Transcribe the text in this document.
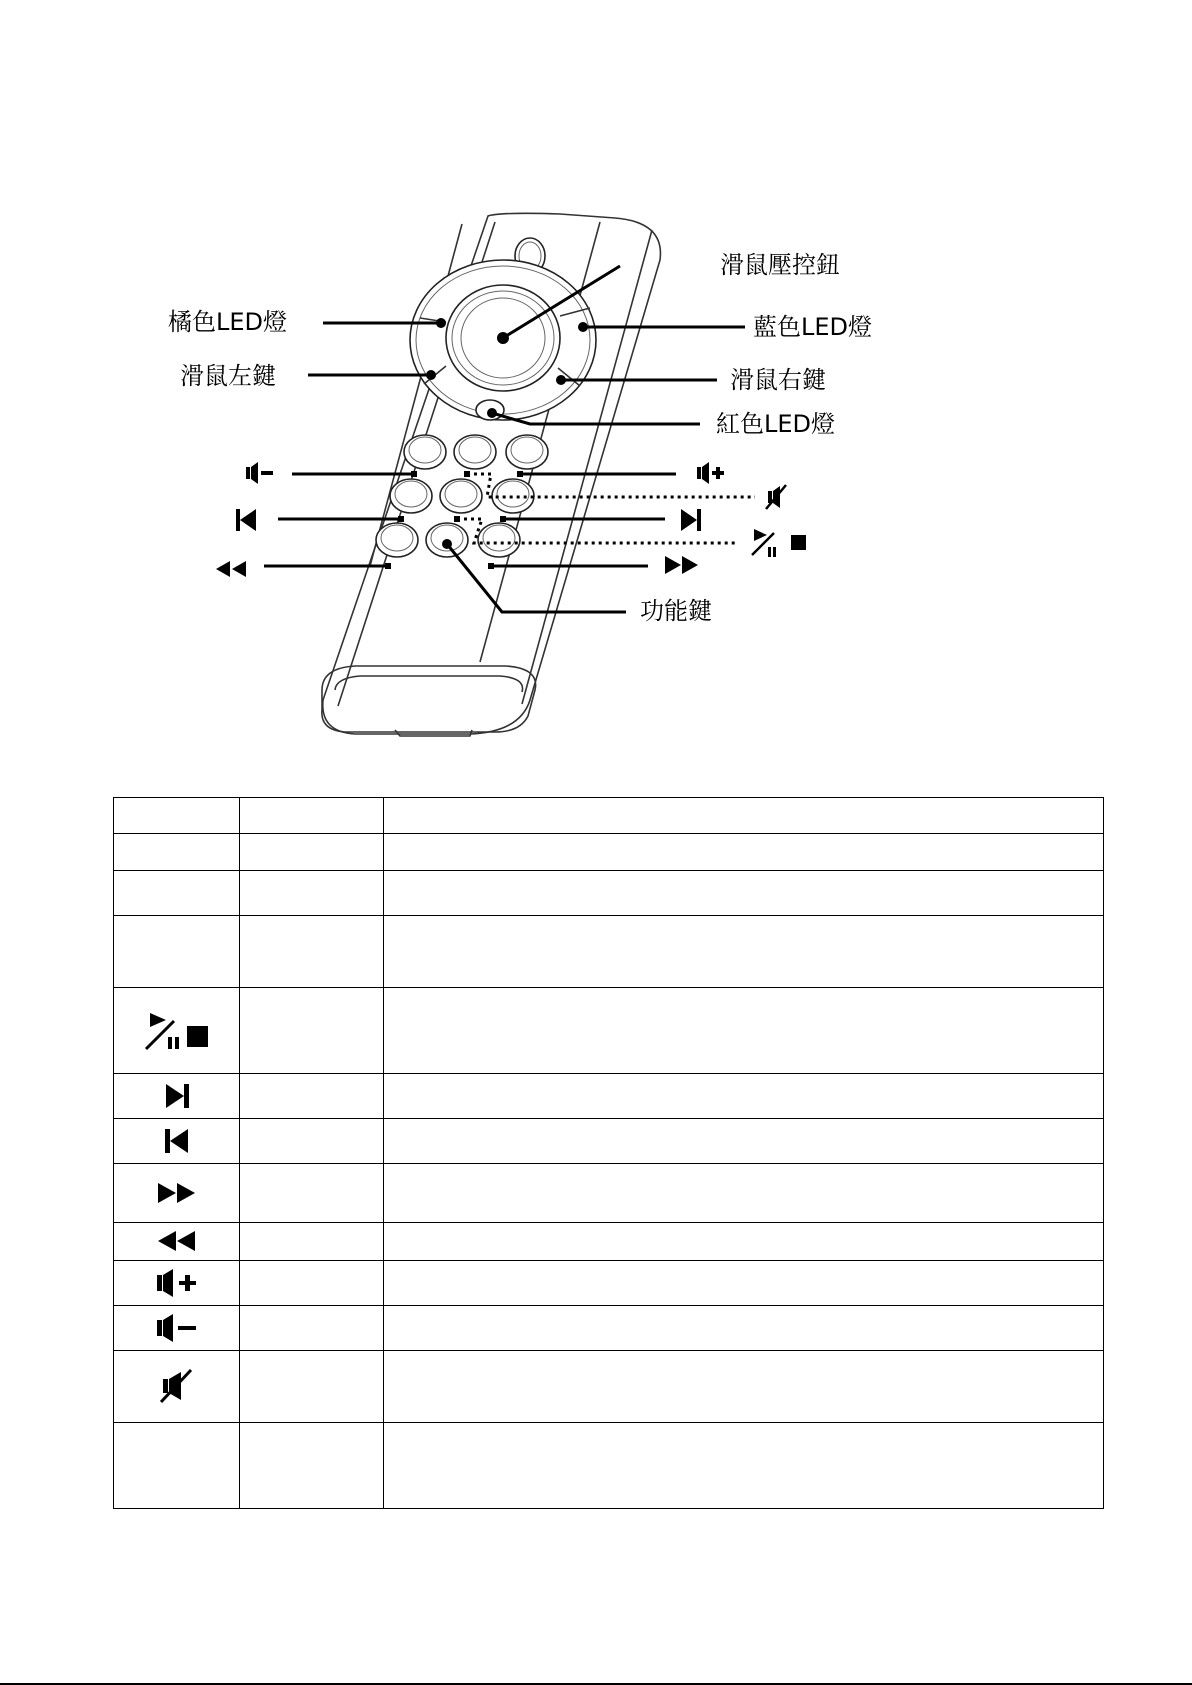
滑鼠壓控鈕
橘色LED燈	藍色LED燈
滑鼠左鍵	滑鼠右鍵
紅色LED燈
功能鍵
